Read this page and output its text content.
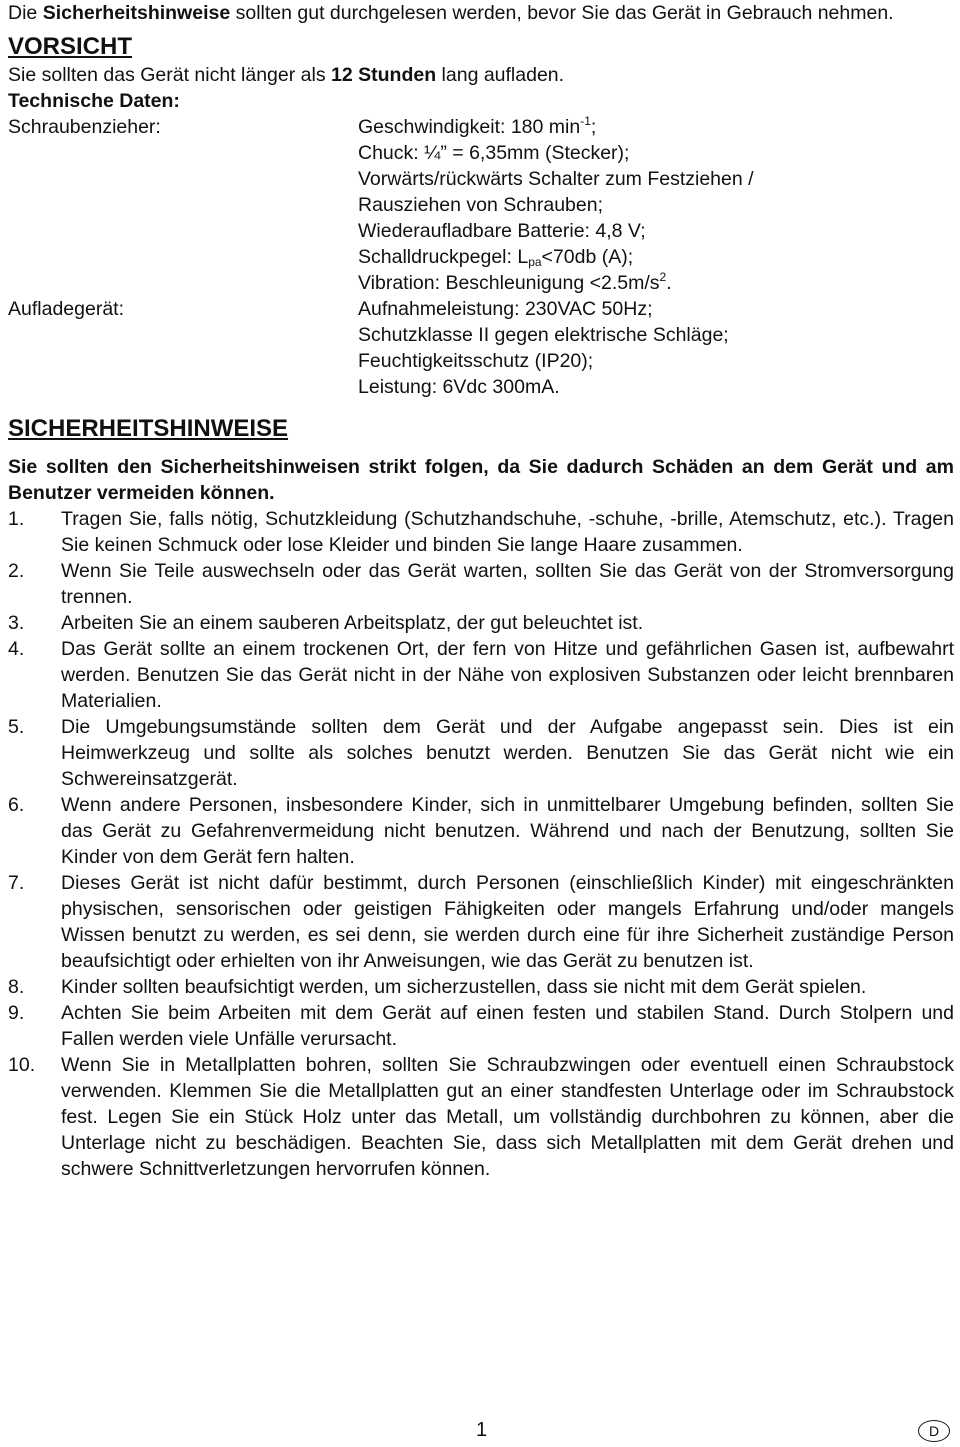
Die Sicherheitshinweise sollten gut durchgelesen werden, bevor Sie das Gerät in Gebrauch nehmen.

VORSICHT
Sie sollten das Gerät nicht länger als 12 Stunden lang aufladen.
Technische Daten:
Schraubenzieher:	Geschwindigkeit: 180 $\min^{-1}$;
Chuck: ¼” = 6,35mm (Stecker);
Vorwärts/rückwärts Schalter zum Festziehen /
Rausziehen von Schrauben;
Wiederaufladbare Batterie: 4,8 V;
Schalldruckpegel: $L_{pa}<70db$ (A);
Vibration: Beschleunigung $<2.5m/s^2$.
Aufladegerät:	Aufnahmeleistung: 230VAC 50Hz;
Schutzklasse II gegen elektrische Schläge;
Feuchtigkeitsschutz (IP20);
Leistung: 6Vdc 300mA.
SICHERHEITSHINWEISE
Sie sollten den Sicherheitshinweisen strikt folgen, da Sie dadurch Schäden an dem Gerät und am Benutzer vermeiden können.
1.	Tragen Sie, falls nötig, Schutzkleidung (Schutzhandschuhe, -schuhe, -brille, Atemschutz, etc.). Tragen Sie keinen Schmuck oder lose Kleider und binden Sie lange Haare zusammen.
2.	Wenn Sie Teile auswechseln oder das Gerät warten, sollten Sie das Gerät von der Stromversorgung trennen.
3.	Arbeiten Sie an einem sauberen Arbeitsplatz, der gut beleuchtet ist.
4.	Das Gerät sollte an einem trockenen Ort, der fern von Hitze und gefährlichen Gasen ist, aufbewahrt werden. Benutzen Sie das Gerät nicht in der Nähe von explosiven Substanzen oder leicht brennbaren Materialien.
5.	Die Umgebungsumstände sollten dem Gerät und der Aufgabe angepasst sein. Dies ist ein Heimwerkzeug und sollte als solches benutzt werden. Benutzen Sie das Gerät nicht wie ein Schwereinsatzgerät.
6.	Wenn andere Personen, insbesondere Kinder, sich in unmittelbarer Umgebung befinden, sollten Sie das Gerät zu Gefahrenvermeidung nicht benutzen. Während und nach der Benutzung, sollten Sie Kinder von dem Gerät fern halten.
7.	Dieses Gerät ist nicht dafür bestimmt, durch Personen (einschließlich Kinder) mit eingeschränkten physischen, sensorischen oder geistigen Fähigkeiten oder mangels Erfahrung und/oder mangels Wissen benutzt zu werden, es sei denn, sie werden durch eine für ihre Sicherheit zuständige Person beaufsichtigt oder erhielten von ihr Anweisungen, wie das Gerät zu benutzen ist.
8.	Kinder sollten beaufsichtigt werden, um sicherzustellen, dass sie nicht mit dem Gerät spielen.
9.	Achten Sie beim Arbeiten mit dem Gerät auf einen festen und stabilen Stand. Durch Stolpern und Fallen werden viele Unfälle verursacht.
10.	Wenn Sie in Metallplatten bohren, sollten Sie Schraubzwingen oder eventuell einen Schraubstock verwenden. Klemmen Sie die Metallplatten gut an einer standfesten Unterlage oder im Schraubstock fest. Legen Sie ein Stück Holz unter das Metall, um vollständig durchbohren zu können, aber die Unterlage nicht zu beschädigen. Beachten Sie, dass sich Metallplatten mit dem Gerät drehen und schwere Schnittverletzungen hervorrufen können.
1	D
